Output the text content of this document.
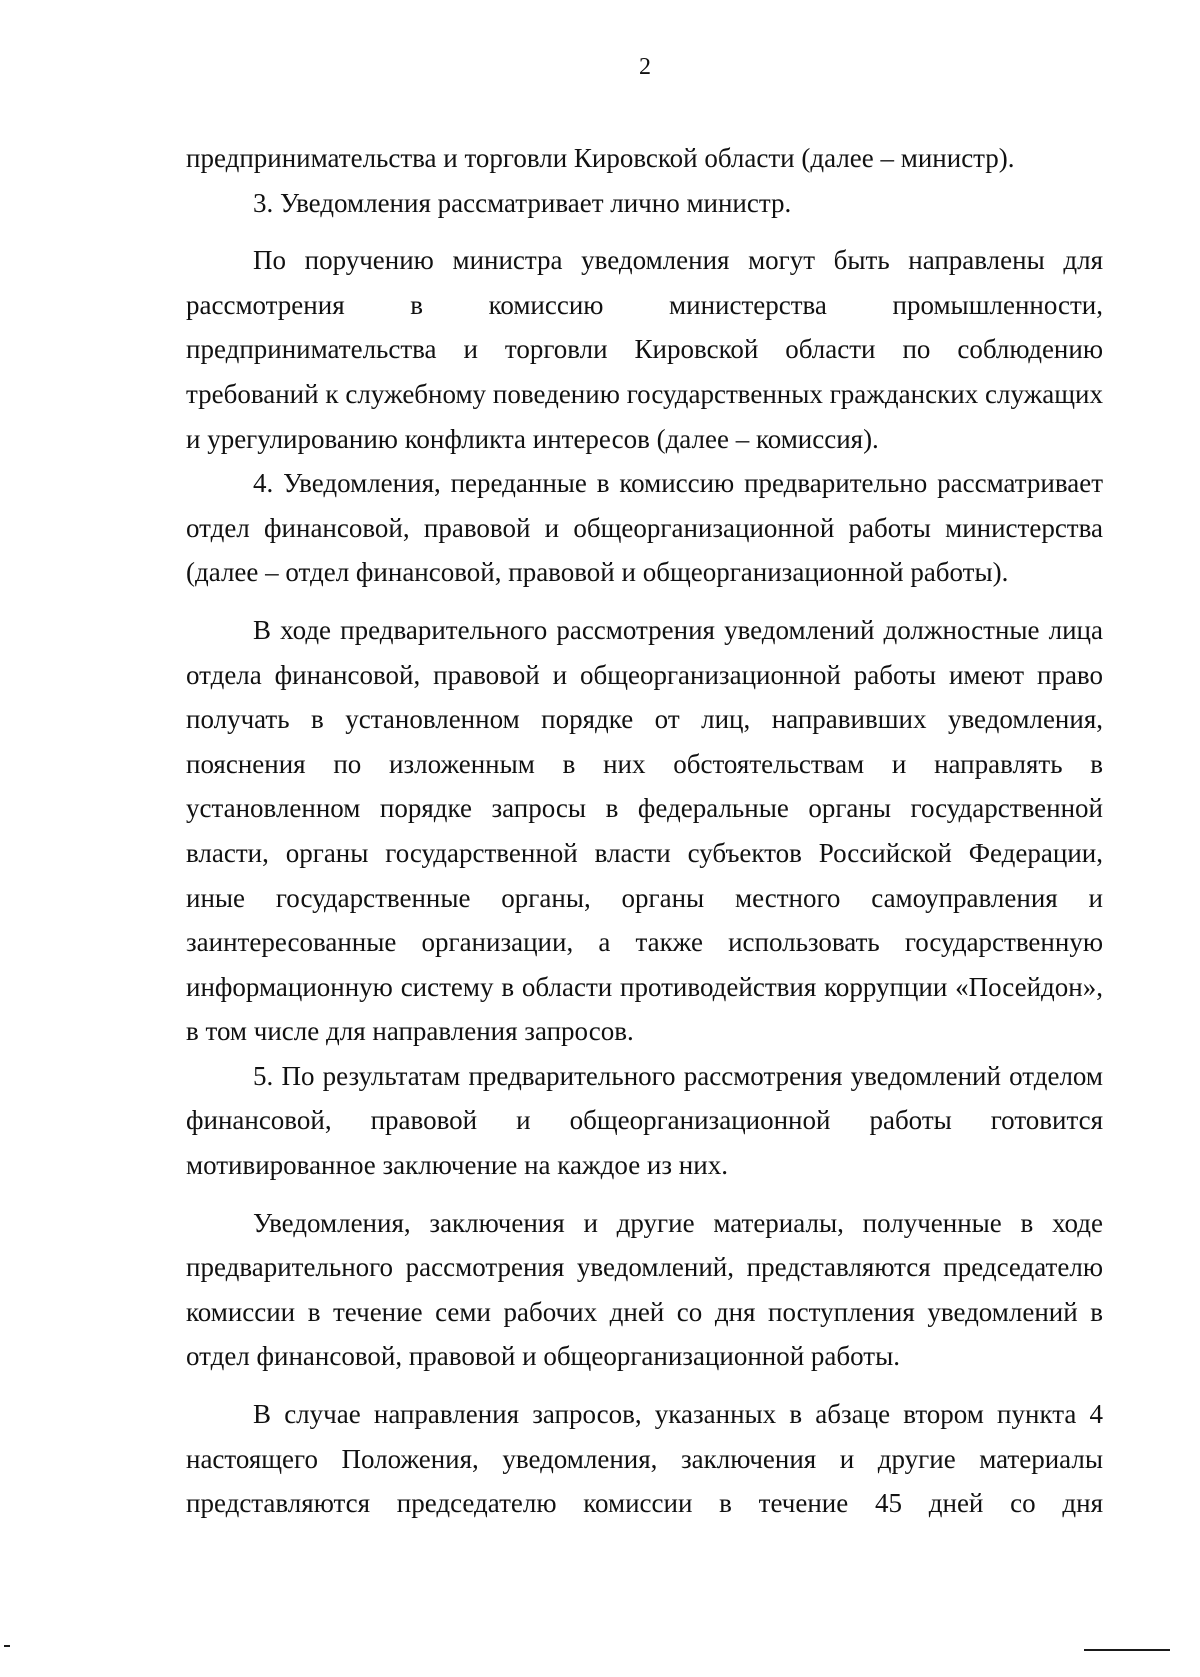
2

предпринимательства и торговли Кировской области (далее – министр).

3. Уведомления рассматривает лично министр.

По поручению министра уведомления могут быть направлены для рассмотрения в комиссию министерства промышленности, предпринимательства и торговли Кировской области по соблюдению требований к служебному поведению государственных гражданских служащих и урегулированию конфликта интересов (далее – комиссия).

4. Уведомления, переданные в комиссию предварительно рассматривает отдел финансовой, правовой и общеорганизационной работы министерства (далее – отдел финансовой, правовой и общеорганизационной работы).

В ходе предварительного рассмотрения уведомлений должностные лица отдела финансовой, правовой и общеорганизационной работы имеют право получать в установленном порядке от лиц, направивших уведомления, пояснения по изложенным в них обстоятельствам и направлять в установленном порядке запросы в федеральные органы государственной власти, органы государственной власти субъектов Российской Федерации, иные государственные органы, органы местного самоуправления и заинтересованные организации, а также использовать государственную информационную систему в области противодействия коррупции «Посейдон», в том числе для направления запросов.

5. По результатам предварительного рассмотрения уведомлений отделом финансовой, правовой и общеорганизационной работы готовится мотивированное заключение на каждое из них.

Уведомления, заключения и другие материалы, полученные в ходе предварительного рассмотрения уведомлений, представляются председателю комиссии в течение семи рабочих дней со дня поступления уведомлений в отдел финансовой, правовой и общеорганизационной работы.

В случае направления запросов, указанных в абзаце втором пункта 4 настоящего Положения, уведомления, заключения и другие материалы представляются председателю комиссии в течение 45 дней со дня
